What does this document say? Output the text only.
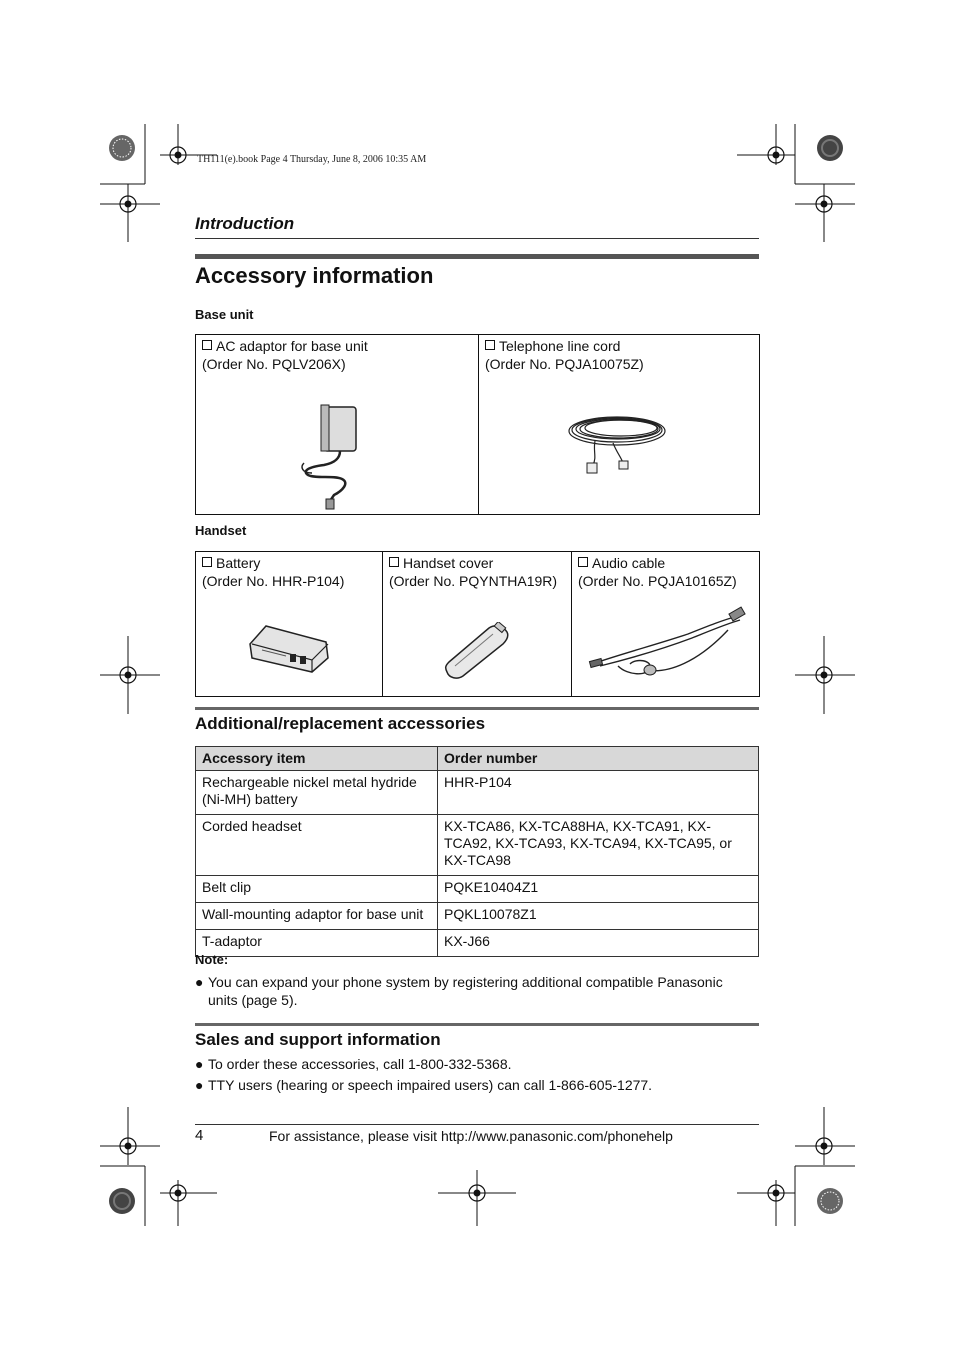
TH111(e).book Page 4 Thursday, June 8, 2006 10:35 AM
Introduction
Accessory information
Base unit
AC adaptor for base unit
(Order No. PQLV206X)
Telephone line cord
(Order No. PQJA10075Z)
Handset
Battery
(Order No. HHR-P104)
Handset cover
(Order No. PQYNTHA19R)
Audio cable
(Order No. PQJA10165Z)
Additional/replacement accessories
Accessory item	Order number
Rechargeable nickel metal hydride (Ni-MH) battery	HHR-P104
Corded headset	KX-TCA86, KX-TCA88HA, KX-TCA91, KX-TCA92, KX-TCA93, KX-TCA94, KX-TCA95, or KX-TCA98
Belt clip	PQKE10404Z1
Wall-mounting adaptor for base unit	PQKL10078Z1
T-adaptor	KX-J66
Note:
● You can expand your phone system by registering additional compatible Panasonic units (page 5).
Sales and support information
● To order these accessories, call 1-800-332-5368.
● TTY users (hearing or speech impaired users) can call 1-866-605-1277.
4	For assistance, please visit http://www.panasonic.com/phonehelp
